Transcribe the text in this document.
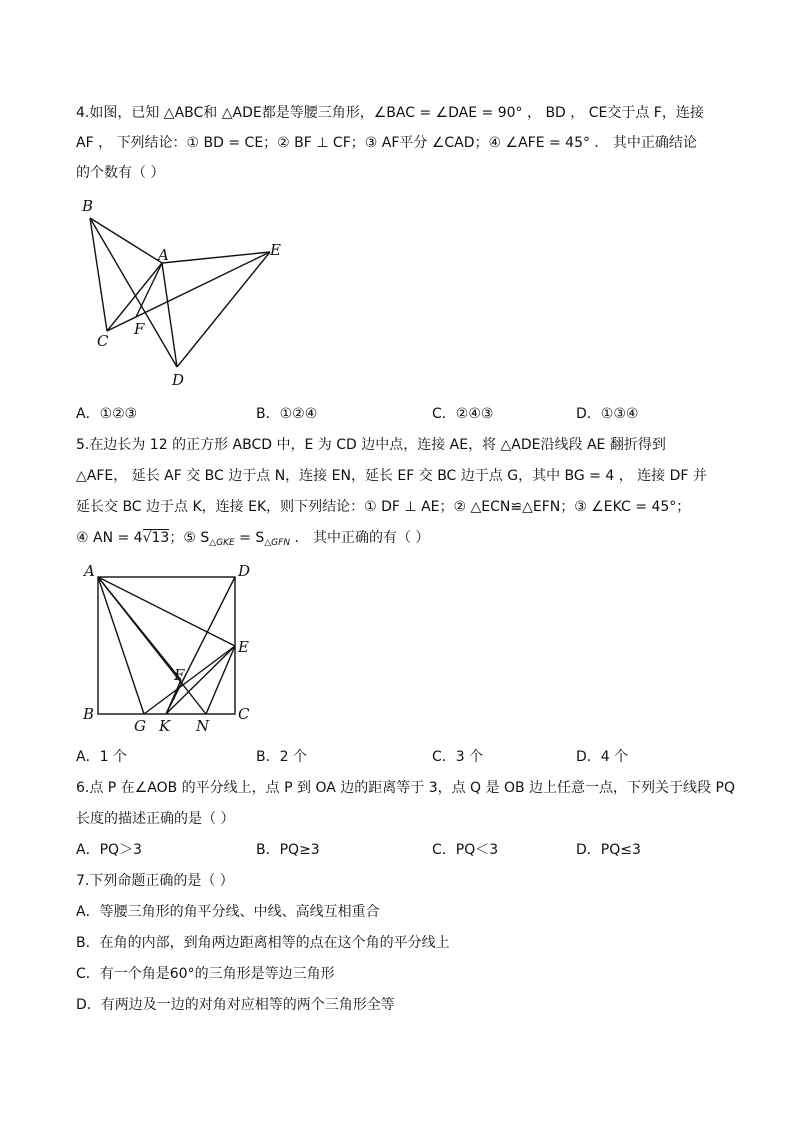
4.如图，已知 △ABC和 △ADE都是等腰三角形，∠BAC = ∠DAE = 90° ， BD ， CE交于点 F，连接
AF ， 下列结论：① BD = CE；② BF ⊥ CF；③ AF平分 ∠CAD；④ ∠AFE = 45° ． 其中正确结论
的个数有（ ）
B
A	E
C
F
D
A．①②③	B．①②④	C．②④③	D．①③④
5.在边长为 12 的正方形 ABCD 中，E 为 CD 边中点，连接 AE，将 △ADE沿线段 AE 翻折得到
△AFE， 延长 AF 交 BC 边于点 N，连接 EN，延长 EF 交 BC 边于点 G，其中 BG = 4 ， 连接 DF 并
延长交 BC 边于点 K，连接 EK，则下列结论：① DF ⊥ AE；② △ECN≌△EFN；③ ∠EKC = 45°；
④ AN = 4√13；⑤ $S_{\triangle GKE} = S_{\triangle GFN}$ ． 其中正确的有（ ）
A	D
E
F
B
G K N
C
A．1 个	B．2 个	C．3 个	D．4 个
6.点 P 在∠AOB 的平分线上，点 P 到 OA 边的距离等于 3，点 Q 是 OB 边上任意一点，下列关于线段 PQ
长度的描述正确的是（ ）
A．PQ＞3	B．PQ≥3	C．PQ＜3	D．PQ≤3
7.下列命题正确的是（ ）
A．等腰三角形的角平分线、中线、高线互相重合
B．在角的内部，到角两边距离相等的点在这个角的平分线上
C．有一个角是60°的三角形是等边三角形
D．有两边及一边的对角对应相等的两个三角形全等
